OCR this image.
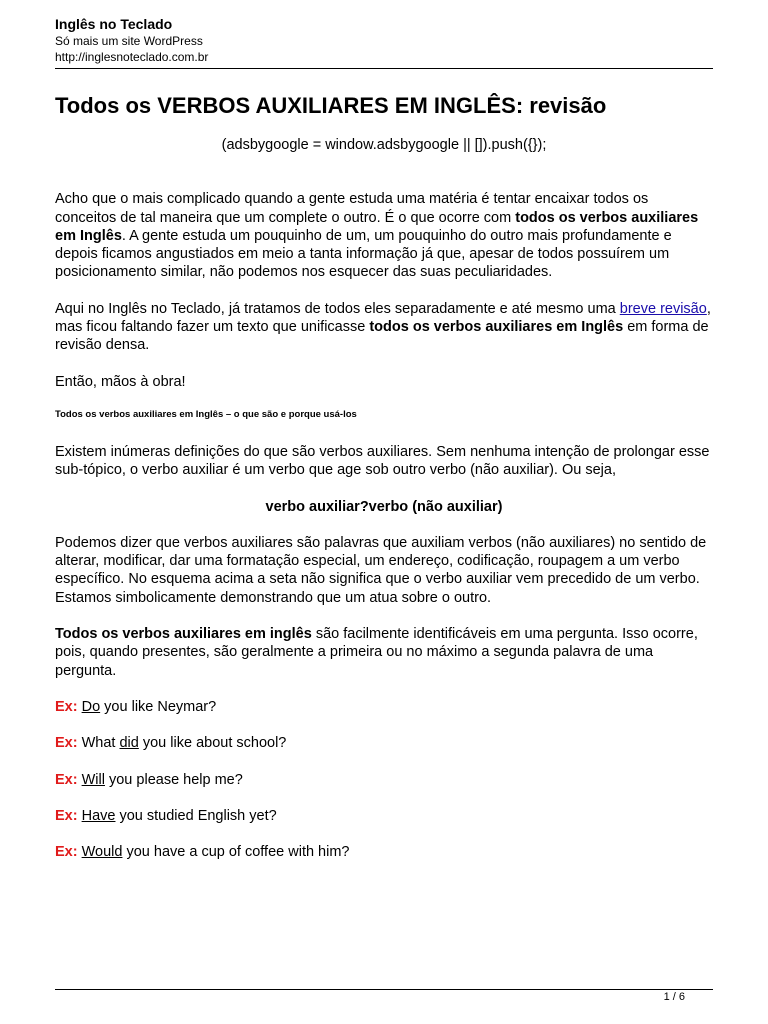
Inglês no Teclado

Só mais um site WordPress

http://inglesnoteclado.com.br

Todos os VERBOS AUXILIARES EM INGLÊS: revisão

(adsbygoogle = window.adsbygoogle || []).push({});

Acho que o mais complicado quando a gente estuda uma matéria é tentar encaixar todos os conceitos de tal maneira que um complete o outro. É o que ocorre com todos os verbos auxiliares em Inglês. A gente estuda um pouquinho de um, um pouquinho do outro mais profundamente e depois ficamos angustiados em meio a tanta informação já que, apesar de todos possuírem um posicionamento similar, não podemos nos esquecer das suas peculiaridades.

Aqui no Inglês no Teclado, já tratamos de todos eles separadamente e até mesmo uma breve revisão, mas ficou faltando fazer um texto que unificasse todos os verbos auxiliares em Inglês em forma de revisão densa.

Então, mãos à obra!

Todos os verbos auxiliares em Inglês – o que são e porque usá-los

Existem inúmeras definições do que são verbos auxiliares. Sem nenhuma intenção de prolongar esse sub-tópico, o verbo auxiliar é um verbo que age sob outro verbo (não auxiliar). Ou seja,

verbo auxiliar?verbo (não auxiliar)

Podemos dizer que verbos auxiliares são palavras que auxiliam verbos (não auxiliares) no sentido de alterar, modificar, dar uma formatação especial, um endereço, codificação, roupagem a um verbo específico. No esquema acima a seta não significa que o verbo auxiliar vem precedido de um verbo. Estamos simbolicamente demonstrando que um atua sobre o outro.

Todos os verbos auxiliares em inglês são facilmente identificáveis em uma pergunta. Isso ocorre, pois, quando presentes, são geralmente a primeira ou no máximo a segunda palavra de uma pergunta.

Ex: Do you like Neymar?

Ex: What did you like about school?

Ex: Will you please help me?

Ex: Have you studied English yet?

Ex: Would you have a cup of coffee with him?

1 / 6
